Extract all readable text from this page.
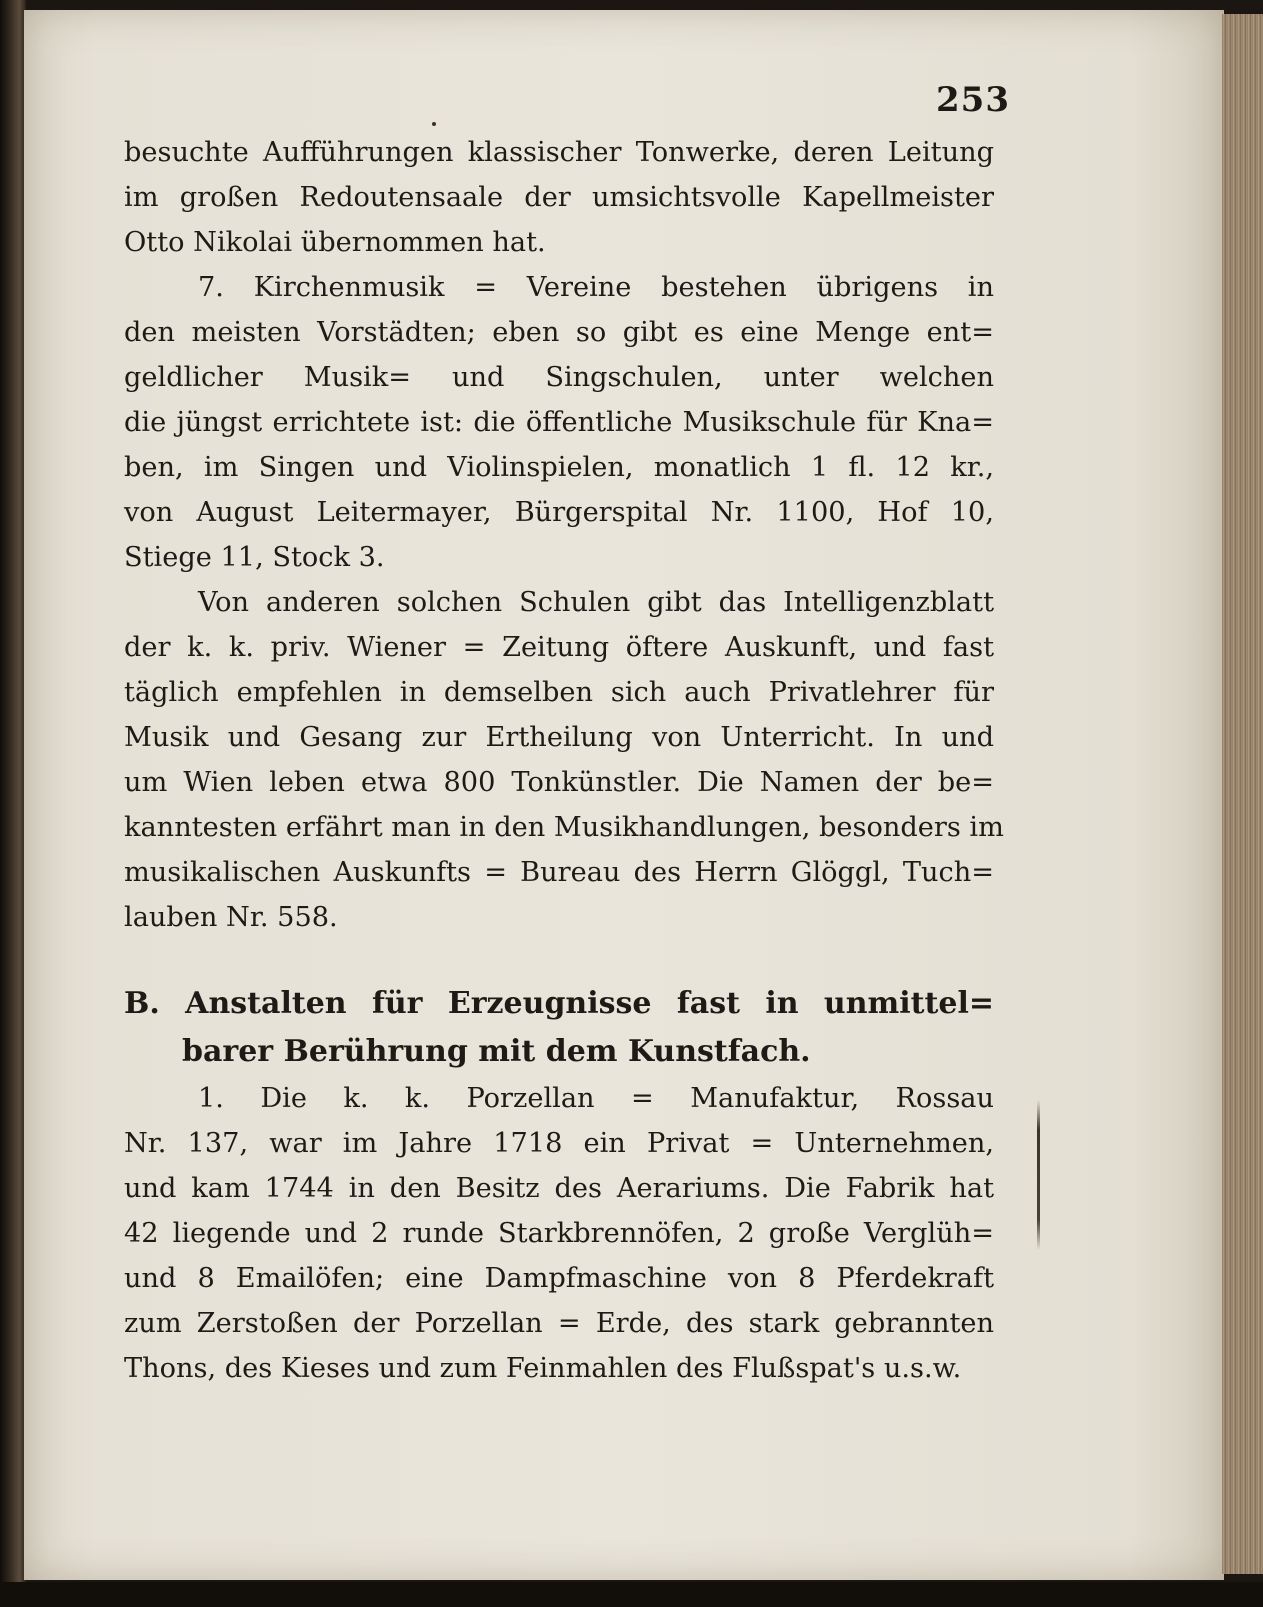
253
besuchte Aufführungen klassischer Tonwerke, deren Leitung
im großen Redoutensaale der umsichtsvolle Kapellmeister
Otto Nikolai übernommen hat.
7. Kirchenmusik = Vereine bestehen übrigens in
den meisten Vorstädten; eben so gibt es eine Menge ent=
geldlicher Musik= und Singschulen, unter welchen
die jüngst errichtete ist: die öffentliche Musikschule für Kna=
ben, im Singen und Violinspielen, monatlich 1 fl. 12 kr.,
von August Leitermayer, Bürgerspital Nr. 1100, Hof 10,
Stiege 11, Stock 3.
Von anderen solchen Schulen gibt das Intelligenzblatt
der k. k. priv. Wiener = Zeitung öftere Auskunft, und fast
täglich empfehlen in demselben sich auch Privatlehrer für
Musik und Gesang zur Ertheilung von Unterricht. In und
um Wien leben etwa 800 Tonkünstler. Die Namen der be=
kanntesten erfährt man in den Musikhandlungen, besonders im
musikalischen Auskunfts = Bureau des Herrn Glöggl, Tuch=
lauben Nr. 558.
B. Anstalten für Erzeugnisse fast in unmittel=
barer Berührung mit dem Kunstfach.
1. Die k. k. Porzellan = Manufaktur, Rossau
Nr. 137, war im Jahre 1718 ein Privat = Unternehmen,
und kam 1744 in den Besitz des Aerariums. Die Fabrik hat
42 liegende und 2 runde Starkbrennöfen, 2 große Verglüh=
und 8 Emailöfen; eine Dampfmaschine von 8 Pferdekraft
zum Zerstoßen der Porzellan = Erde, des stark gebrannten
Thons, des Kieses und zum Feinmahlen des Flußspat's u.s.w.
